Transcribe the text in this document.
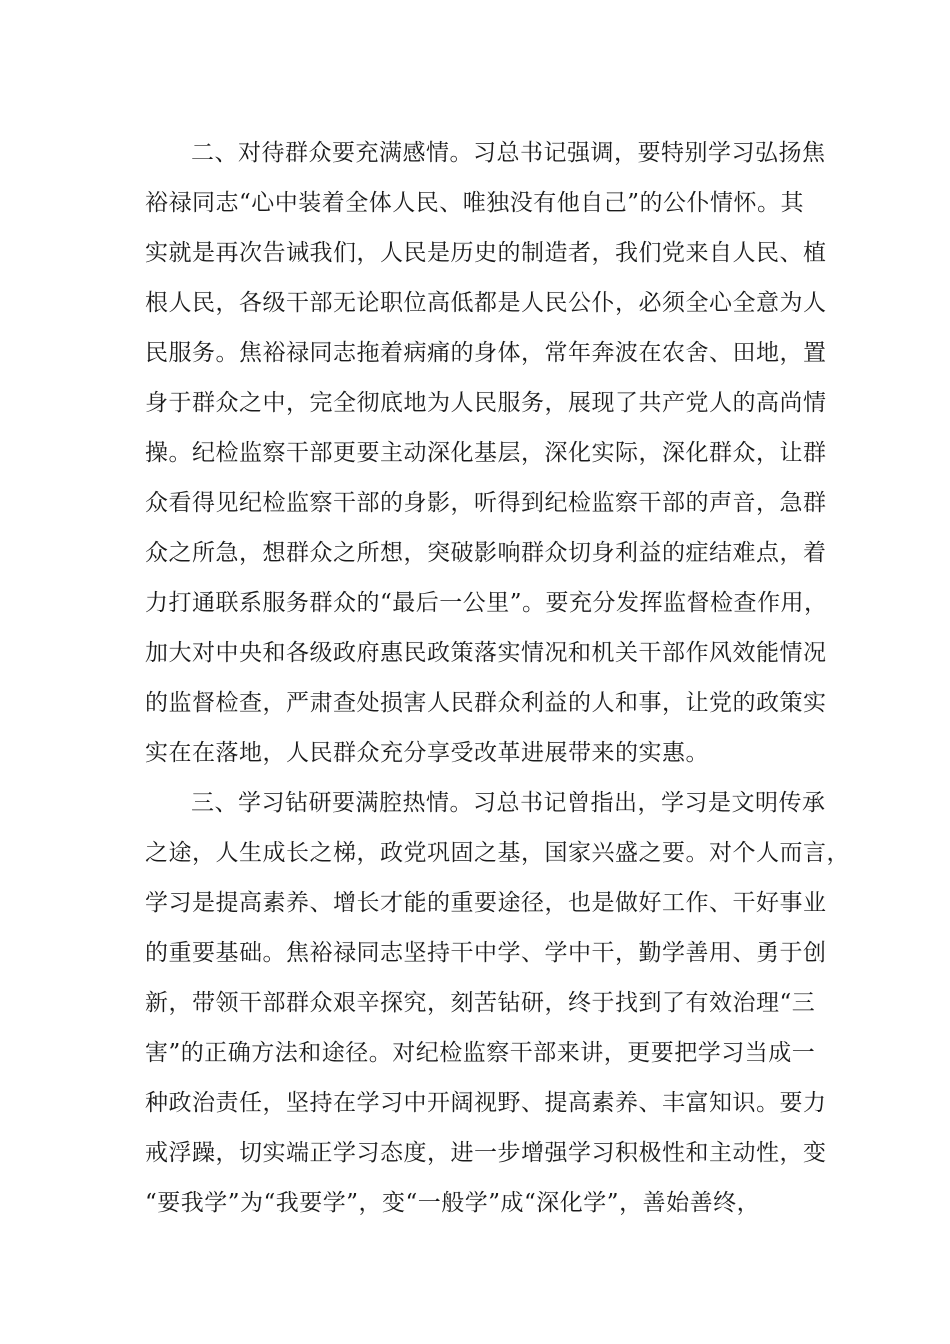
二、对待群众要充满感情。习总书记强调，要特别学习弘扬焦
裕禄同志“心中装着全体人民、唯独没有他自己”的公仆情怀。其
实就是再次告诫我们，人民是历史的制造者，我们党来自人民、植
根人民，各级干部无论职位高低都是人民公仆，必须全心全意为人
民服务。焦裕禄同志拖着病痛的身体，常年奔波在农舍、田地，置
身于群众之中，完全彻底地为人民服务，展现了共产党人的高尚情
操。纪检监察干部更要主动深化基层，深化实际，深化群众，让群
众看得见纪检监察干部的身影，听得到纪检监察干部的声音，急群
众之所急，想群众之所想，突破影响群众切身利益的症结难点，着
力打通联系服务群众的“最后一公里”。要充分发挥监督检查作用，
加大对中央和各级政府惠民政策落实情况和机关干部作风效能情况
的监督检查，严肃查处损害人民群众利益的人和事，让党的政策实
实在在落地，人民群众充分享受改革进展带来的实惠。
三、学习钻研要满腔热情。习总书记曾指出，学习是文明传承
之途，人生成长之梯，政党巩固之基，国家兴盛之要。对个人而言，
学习是提高素养、增长才能的重要途径，也是做好工作、干好事业
的重要基础。焦裕禄同志坚持干中学、学中干，勤学善用、勇于创
新，带领干部群众艰辛探究，刻苦钻研，终于找到了有效治理“三
害”的正确方法和途径。对纪检监察干部来讲，更要把学习当成一
种政治责任，坚持在学习中开阔视野、提高素养、丰富知识。要力
戒浮躁，切实端正学习态度，进一步增强学习积极性和主动性，变
“要我学”为“我要学”，变“一般学”成“深化学”，善始善终，
